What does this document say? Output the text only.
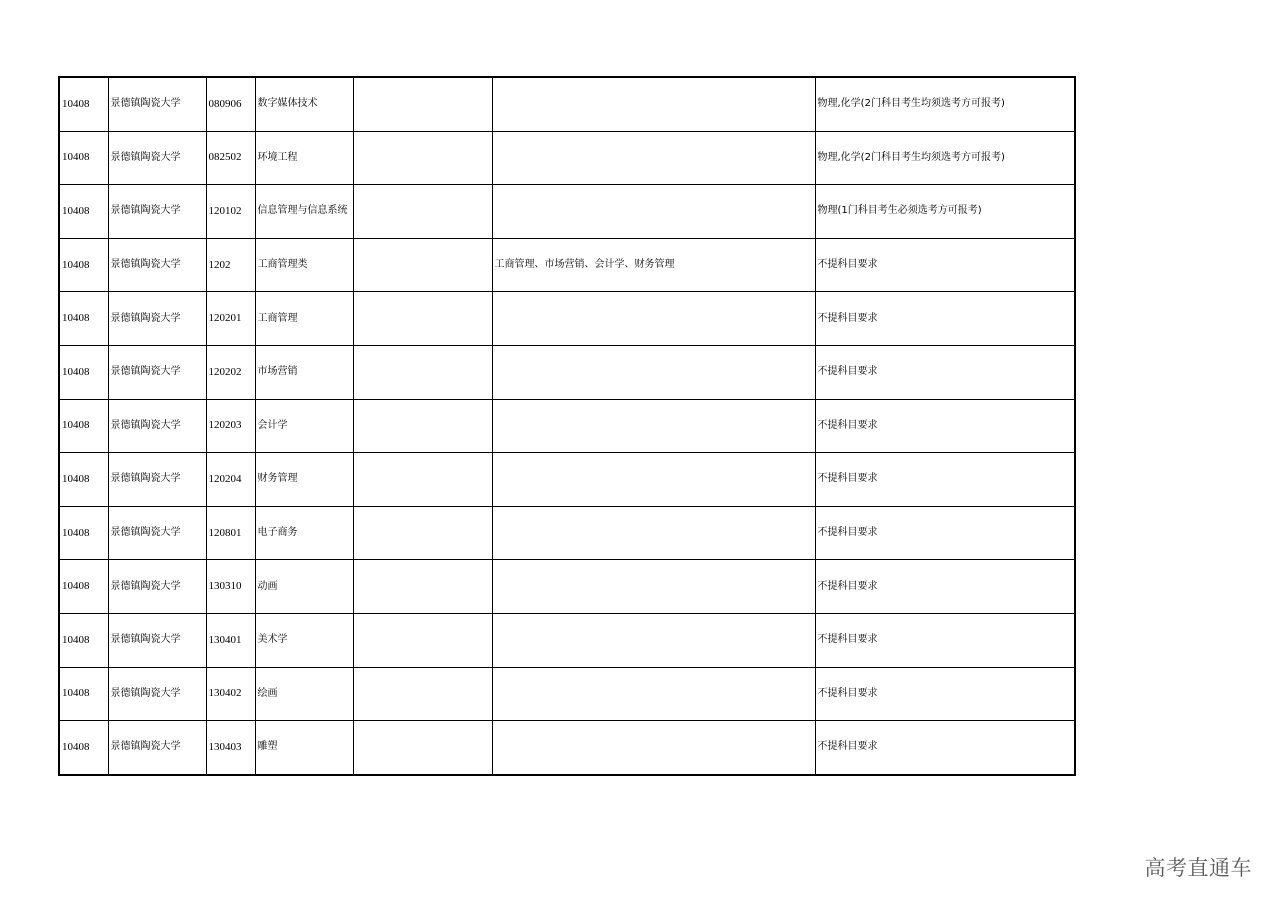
10408	景德镇陶瓷大学	080906	数字媒体技术			物理,化学(2门科目考生均须选考方可报考)
10408	景德镇陶瓷大学	082502	环境工程			物理,化学(2门科目考生均须选考方可报考)
10408	景德镇陶瓷大学	120102	信息管理与信息系统			物理(1门科目考生必须选考方可报考)
10408	景德镇陶瓷大学	1202	工商管理类		工商管理、市场营销、会计学、财务管理	不提科目要求
10408	景德镇陶瓷大学	120201	工商管理			不提科目要求
10408	景德镇陶瓷大学	120202	市场营销			不提科目要求
10408	景德镇陶瓷大学	120203	会计学			不提科目要求
10408	景德镇陶瓷大学	120204	财务管理			不提科目要求
10408	景德镇陶瓷大学	120801	电子商务			不提科目要求
10408	景德镇陶瓷大学	130310	动画			不提科目要求
10408	景德镇陶瓷大学	130401	美术学			不提科目要求
10408	景德镇陶瓷大学	130402	绘画			不提科目要求
10408	景德镇陶瓷大学	130403	雕塑			不提科目要求
高考直通车
